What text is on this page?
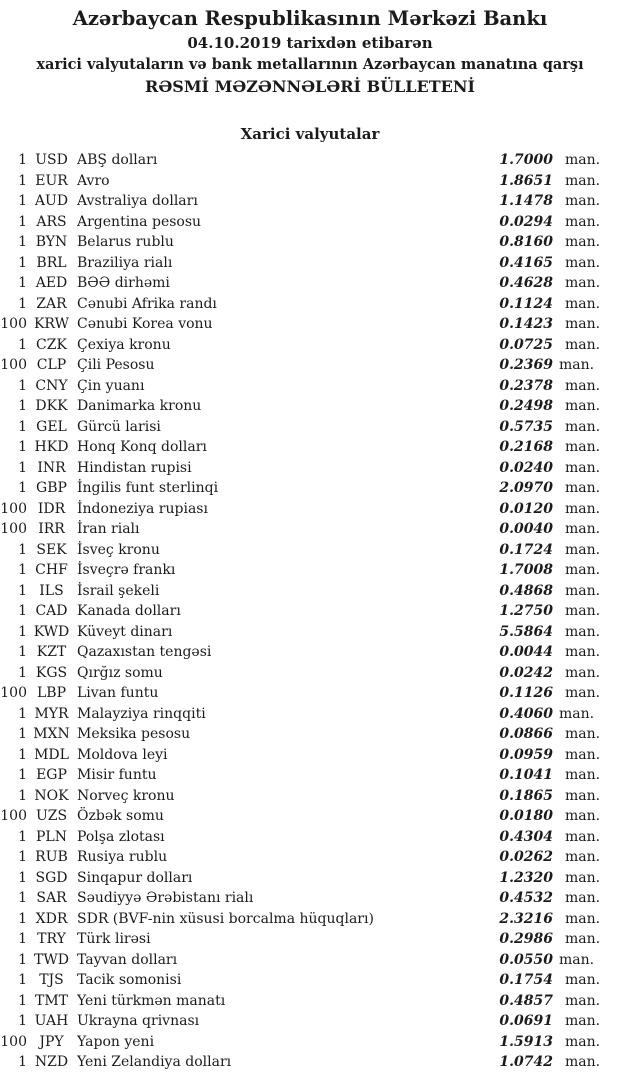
Azərbaycan Respublikasının Mərkəzi Bankı
04.10.2019 tarixdən etibarən
xarici valyutaların və bank metallarının Azərbaycan manatına qarşı
RƏSMİ MƏZƏNNƏLƏRİ BÜLLETENİ
Xarici valyutalar
1 USD ABŞ dolları	1.7000 man.
1 EUR Avro	1.8651 man.
1 AUD Avstraliya dolları	1.1478 man.
1 ARS Argentina pesosu	0.0294 man.
1 BYN Belarus rublu	0.8160 man.
1 BRL Braziliya rialı	0.4165 man.
1 AED BƏƏ dirhəmi	0.4628 man.
1 ZAR Cənubi Afrika randı	0.1124 man.
100 KRW Cənubi Korea vonu	0.1423 man.
1 CZK Çexiya kronu	0.0725 man.
100 CLP Çili Pesosu	0.2369 man.
1 CNY Çin yuanı	0.2378 man.
1 DKK Danimarka kronu	0.2498 man.
1 GEL Gürcü larisi	0.5735 man.
1 HKD Honq Konq dolları	0.2168 man.
1 INR Hindistan rupisi	0.0240 man.
1 GBP İngilis funt sterlinqi	2.0970 man.
100 IDR İndoneziya rupiası	0.0120 man.
100 IRR İran rialı	0.0040 man.
1 SEK İsveç kronu	0.1724 man.
1 CHF İsveçrə frankı	1.7008 man.
1 ILS İsrail şekeli	0.4868 man.
1 CAD Kanada dolları	1.2750 man.
1 KWD Küveyt dinarı	5.5864 man.
1 KZT Qazaxıstan tengəsi	0.0044 man.
1 KGS Qırğız somu	0.0242 man.
100 LBP Livan funtu	0.1126 man.
1 MYR Malayziya rinqqiti	0.4060 man.
1 MXN Meksika pesosu	0.0866 man.
1 MDL Moldova leyi	0.0959 man.
1 EGP Misir funtu	0.1041 man.
1 NOK Norveç kronu	0.1865 man.
100 UZS Özbək somu	0.0180 man.
1 PLN Polşa zlotası	0.4304 man.
1 RUB Rusiya rublu	0.0262 man.
1 SGD Sinqapur dolları	1.2320 man.
1 SAR Səudiyyə Ərəbistanı rialı	0.4532 man.
1 XDR SDR (BVF-nin xüsusi borcalma hüquqları)	2.3216 man.
1 TRY Türk lirəsi	0.2986 man.
1 TWD Tayvan dolları	0.0550 man.
1 TJS Tacik somonisi	0.1754 man.
1 TMT Yeni türkmən manatı	0.4857 man.
1 UAH Ukrayna qrivnası	0.0691 man.
100 JPY Yapon yeni	1.5913 man.
1 NZD Yeni Zelandiya dolları	1.0742 man.
